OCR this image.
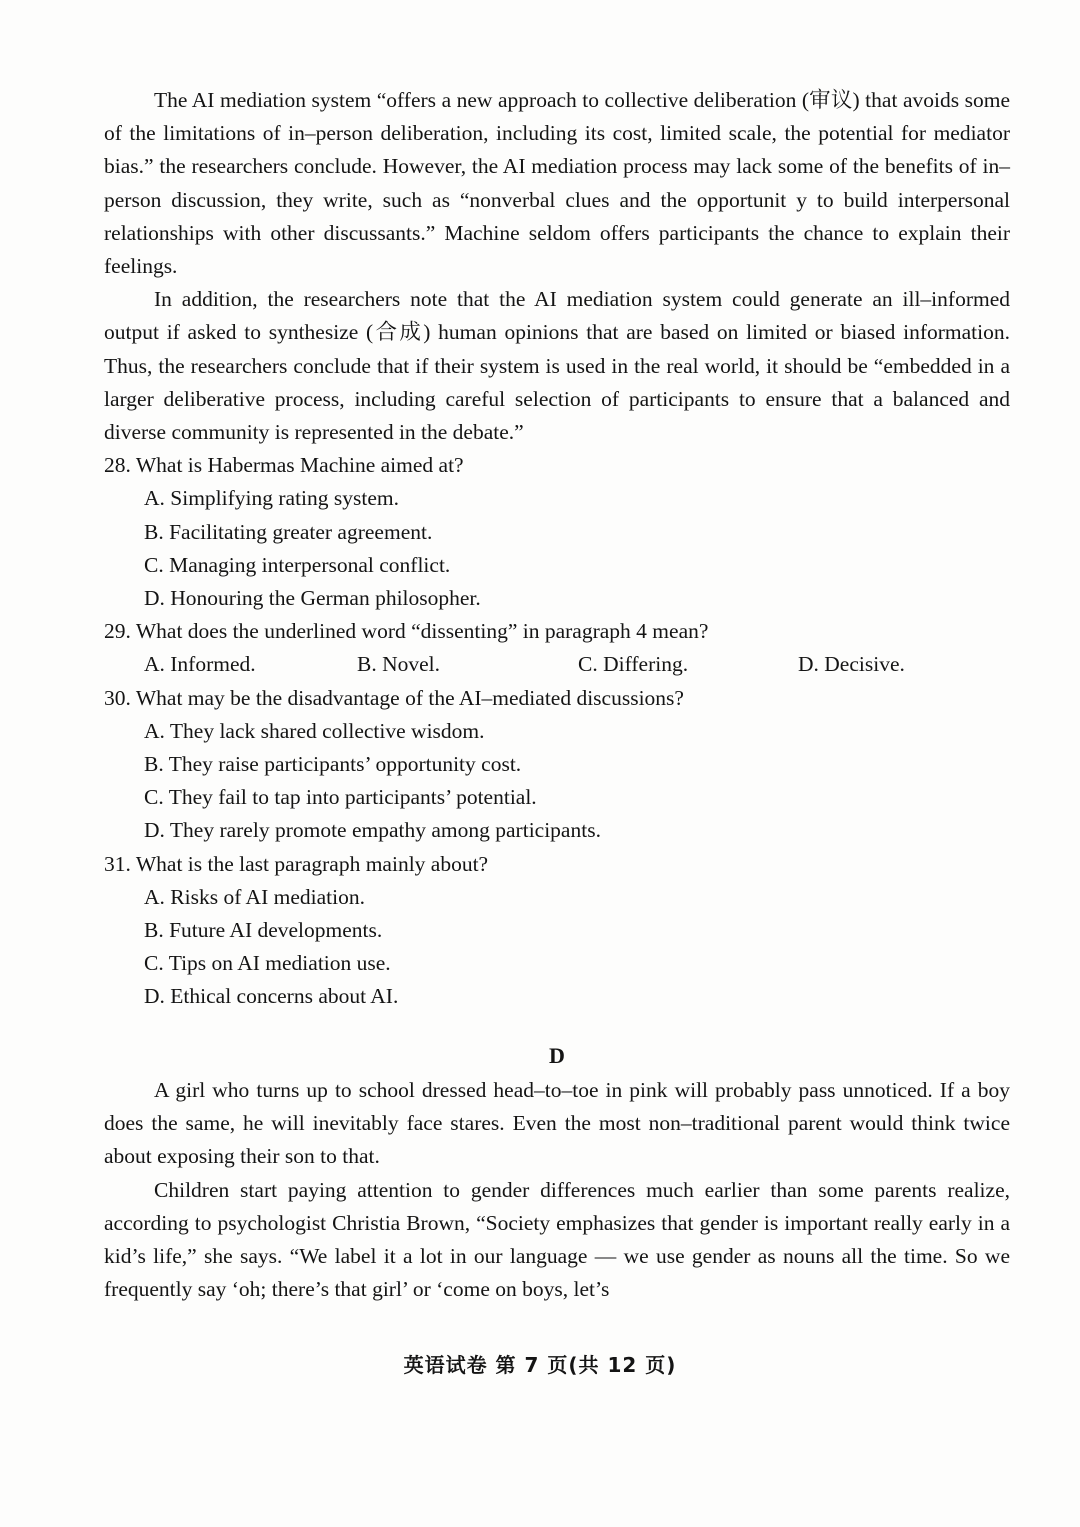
The AI mediation system “offers a new approach to collective deliberation (审议) that avoids some of the limitations of in–person deliberation, including its cost, limited scale, the potential for mediator bias.” the researchers conclude. However, the AI mediation process may lack some of the benefits of in–person discussion, they write, such as “nonverbal clues and the opportunit y to build interpersonal relationships with other discussants.” Machine seldom offers participants the chance to explain their feelings.

In addition, the researchers note that the AI mediation system could generate an ill–informed output if asked to synthesize (合成) human opinions that are based on limited or biased information. Thus, the researchers conclude that if their system is used in the real world, it should be “embedded in a larger deliberative process, including careful selection of participants to ensure that a balanced and diverse community is represented in the debate.”

28. What is Habermas Machine aimed at?

A. Simplifying rating system.

B. Facilitating greater agreement.

C. Managing interpersonal conflict.

D. Honouring the German philosopher.

29. What does the underlined word “dissenting” in paragraph 4 mean?

A. Informed.	B. Novel.	C. Differing.	D. Decisive.

30. What may be the disadvantage of the AI–mediated discussions?

A. They lack shared collective wisdom.

B. They raise participants’ opportunity cost.

C. They fail to tap into participants’ potential.

D. They rarely promote empathy among participants.

31. What is the last paragraph mainly about?

A. Risks of AI mediation.

B. Future AI developments.

C. Tips on AI mediation use.

D. Ethical concerns about AI.

D

A girl who turns up to school dressed head–to–toe in pink will probably pass unnoticed. If a boy does the same, he will inevitably face stares. Even the most non–traditional parent would think twice about exposing their son to that.

Children start paying attention to gender differences much earlier than some parents realize, according to psychologist Christia Brown, “Society emphasizes that gender is important really early in a kid’s life,” she says. “We label it a lot in our language — we use gender as nouns all the time. So we frequently say ‘oh; there’s that girl’ or ‘come on boys, let’s

英语试卷 第 7 页(共 12 页)
